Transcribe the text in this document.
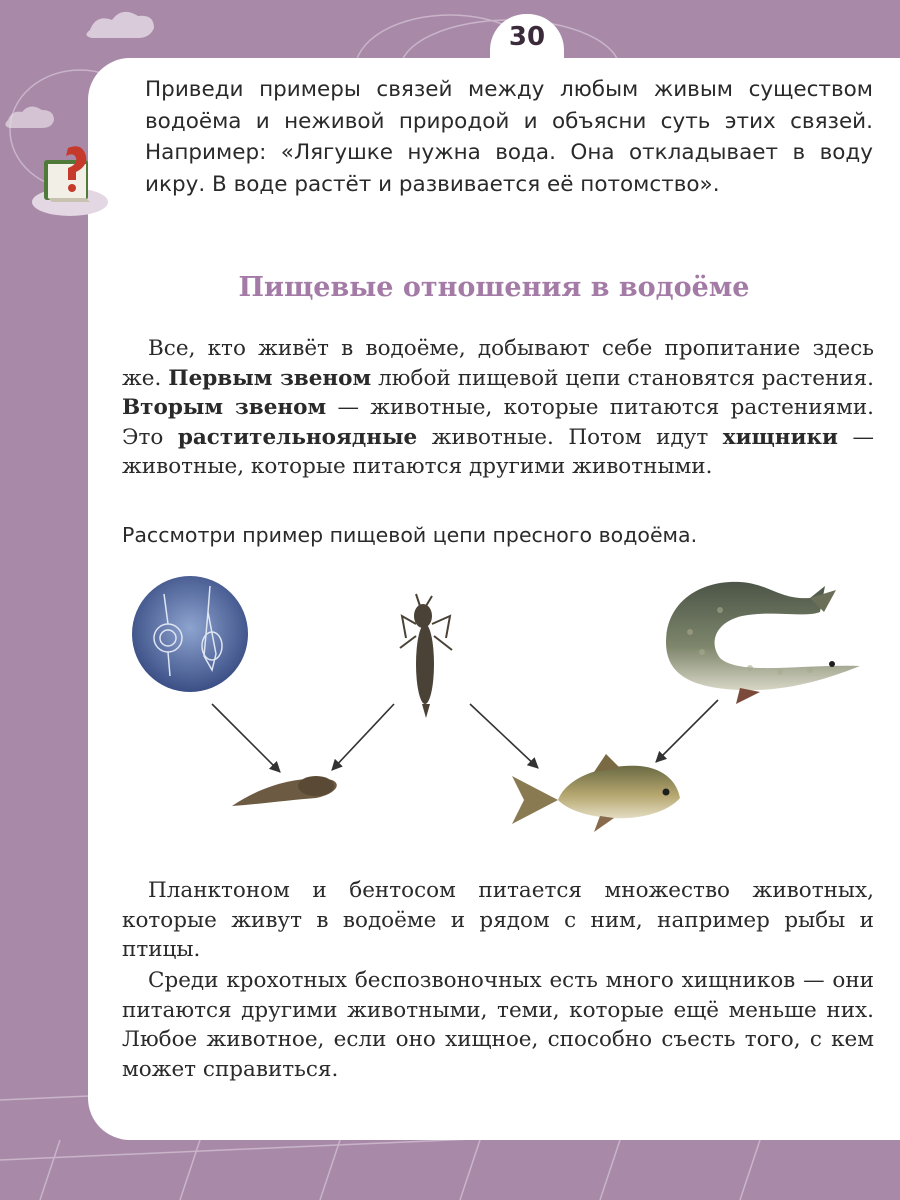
30

Приведи примеры связей между любым живым существом водоёма и неживой природой и объясни суть этих связей. Например: «Лягушке нужна вода. Она откладывает в воду икру. В воде растёт и развивается её потомство».

Пищевые отношения в водоёме

Все, кто живёт в водоёме, добывают себе пропитание здесь же. Первым звеном любой пищевой цепи становятся растения. Вторым звеном — животные, которые питаются растениями. Это растительноядные животные. Потом идут хищники — животные, которые питаются другими животными.

Рассмотри пример пищевой цепи пресного водоёма.

Планктоном и бентосом питается множество животных, которые живут в водоёме и рядом с ним, например рыбы и птицы.

Среди крохотных беспозвоночных есть много хищников — они питаются другими животными, теми, которые ещё меньше них. Любое животное, если оно хищное, способно съесть того, с кем может справиться.
